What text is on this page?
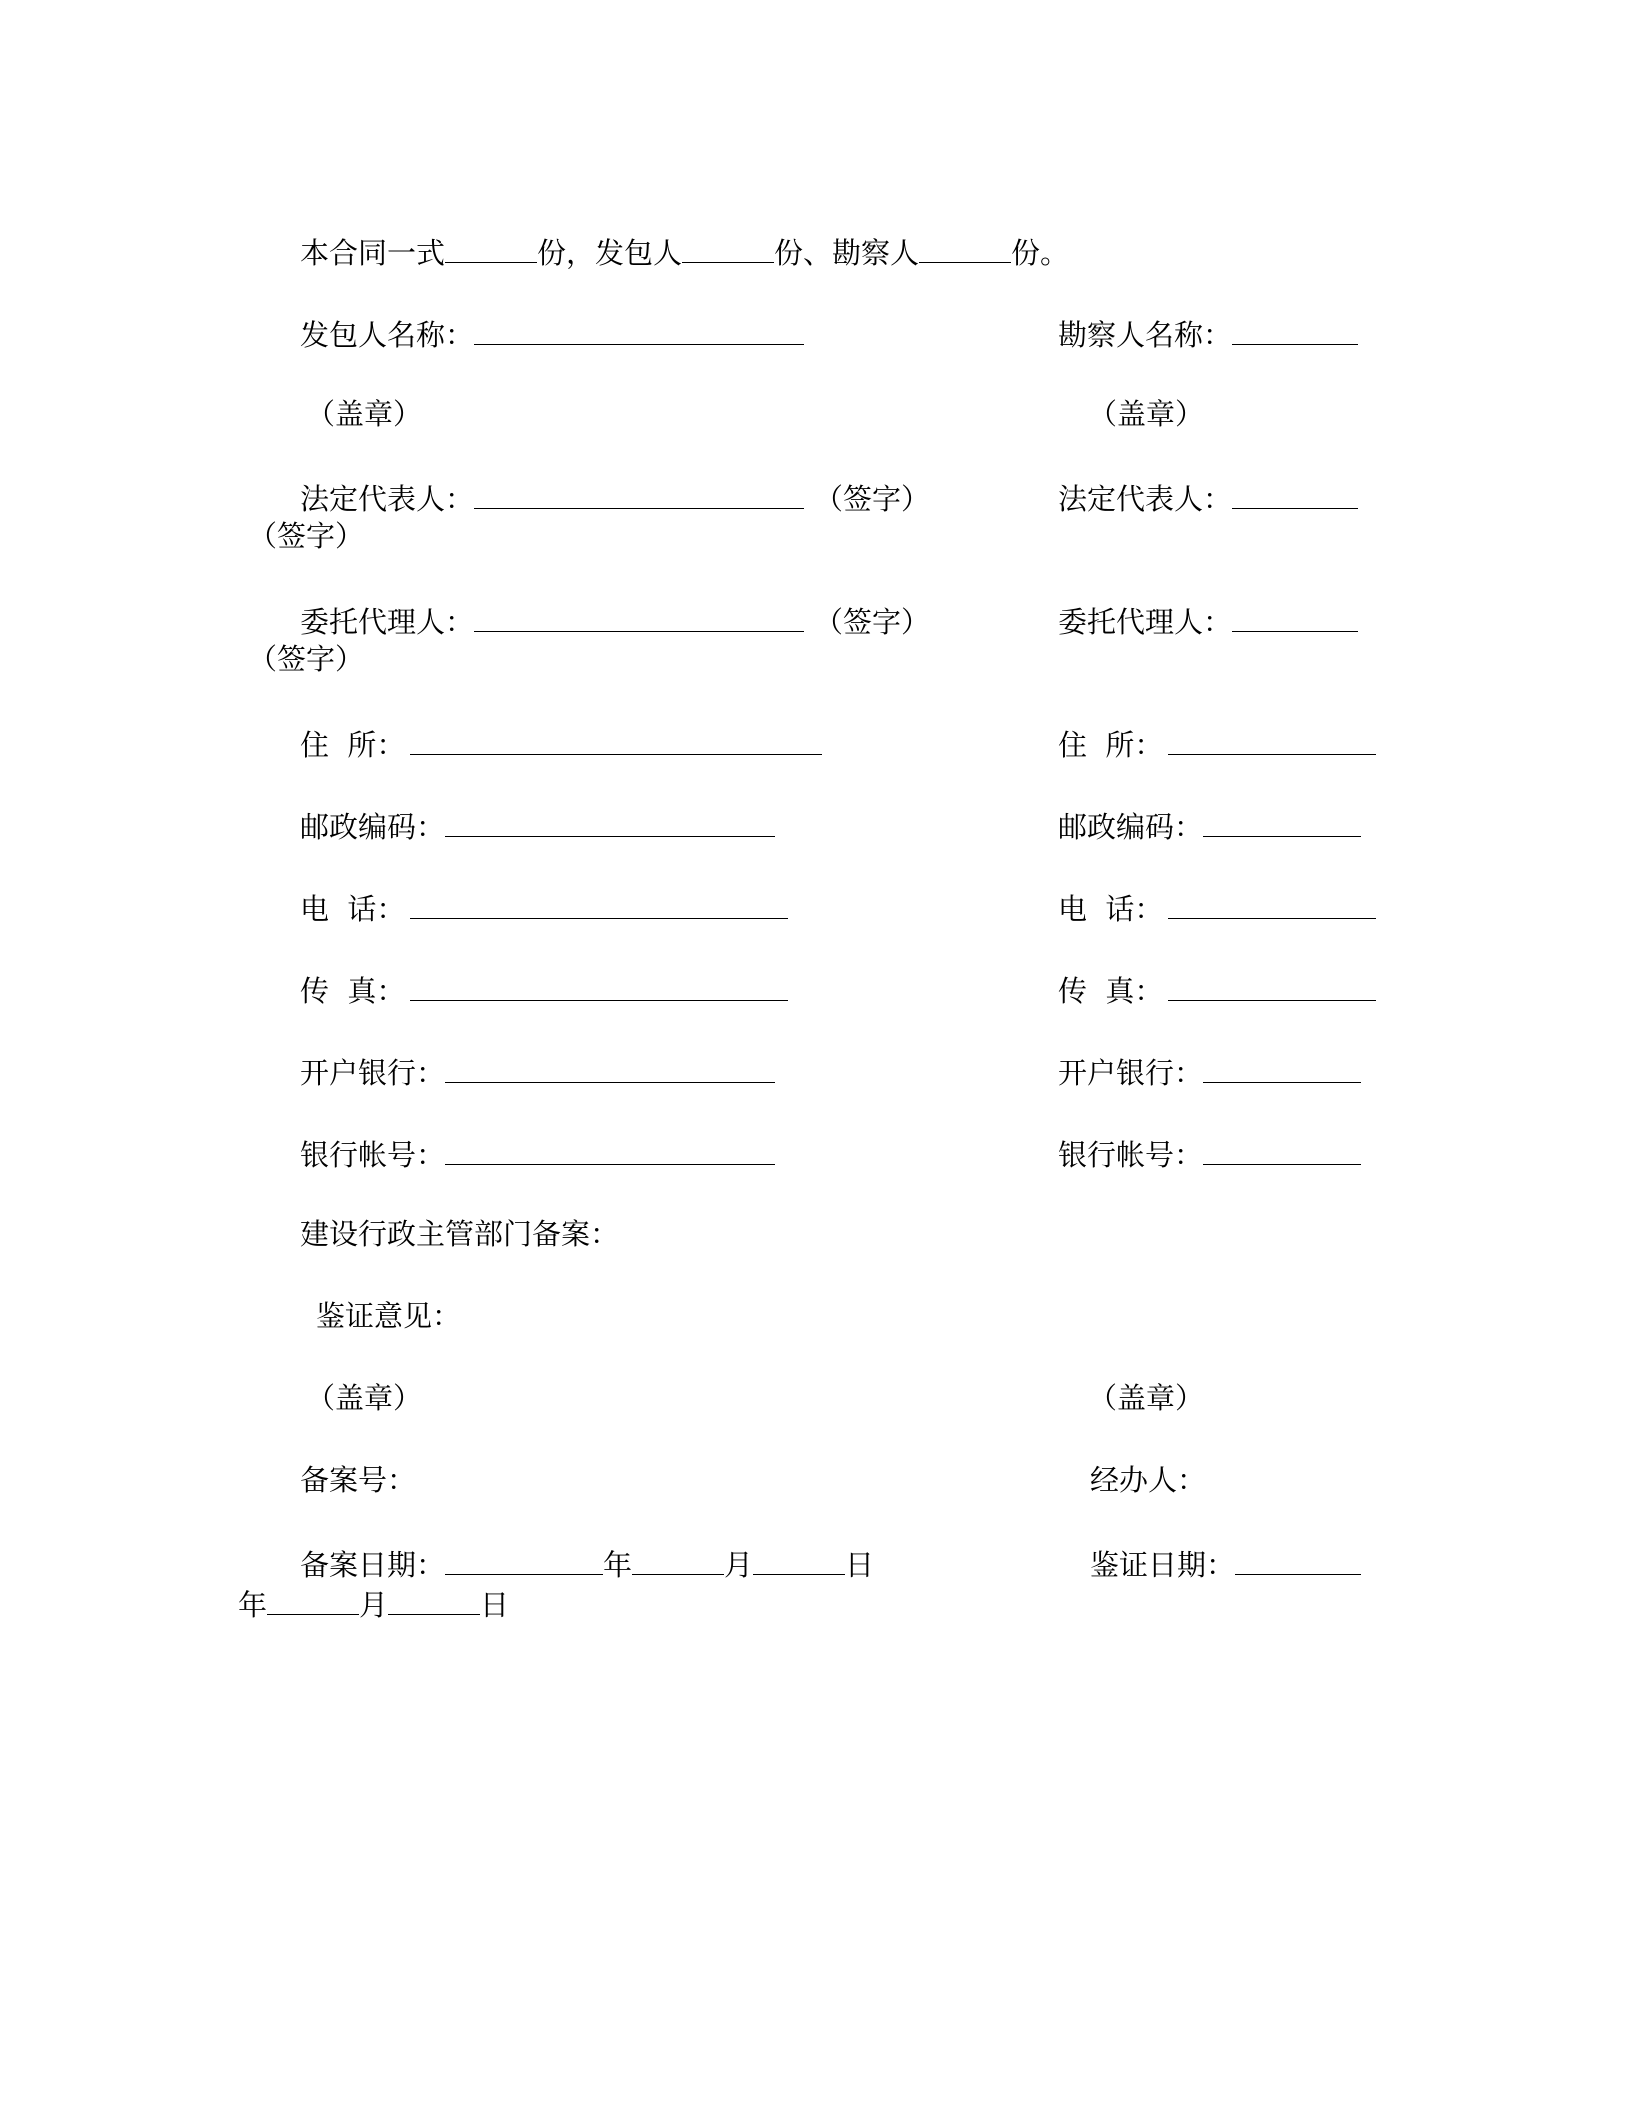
本合同一式	份，发包人	份、勘察人	份。
发包人名称：	勘察人名称：
（盖章）	（盖章）
法定代表人：	（签字）	法定代表人：
（签字）
委托代理人：	（签字）	委托代理人：
（签字）
住  所：	住  所：
邮政编码：	邮政编码：
电  话：	电  话：
传  真：	传  真：
开户银行：	开户银行：
银行帐号：	银行帐号：
建设行政主管部门备案：
鉴证意见：
（盖章）	（盖章）
备案号：	经办人：
备案日期：	年	月	日	鉴证日期：
年	月	日
